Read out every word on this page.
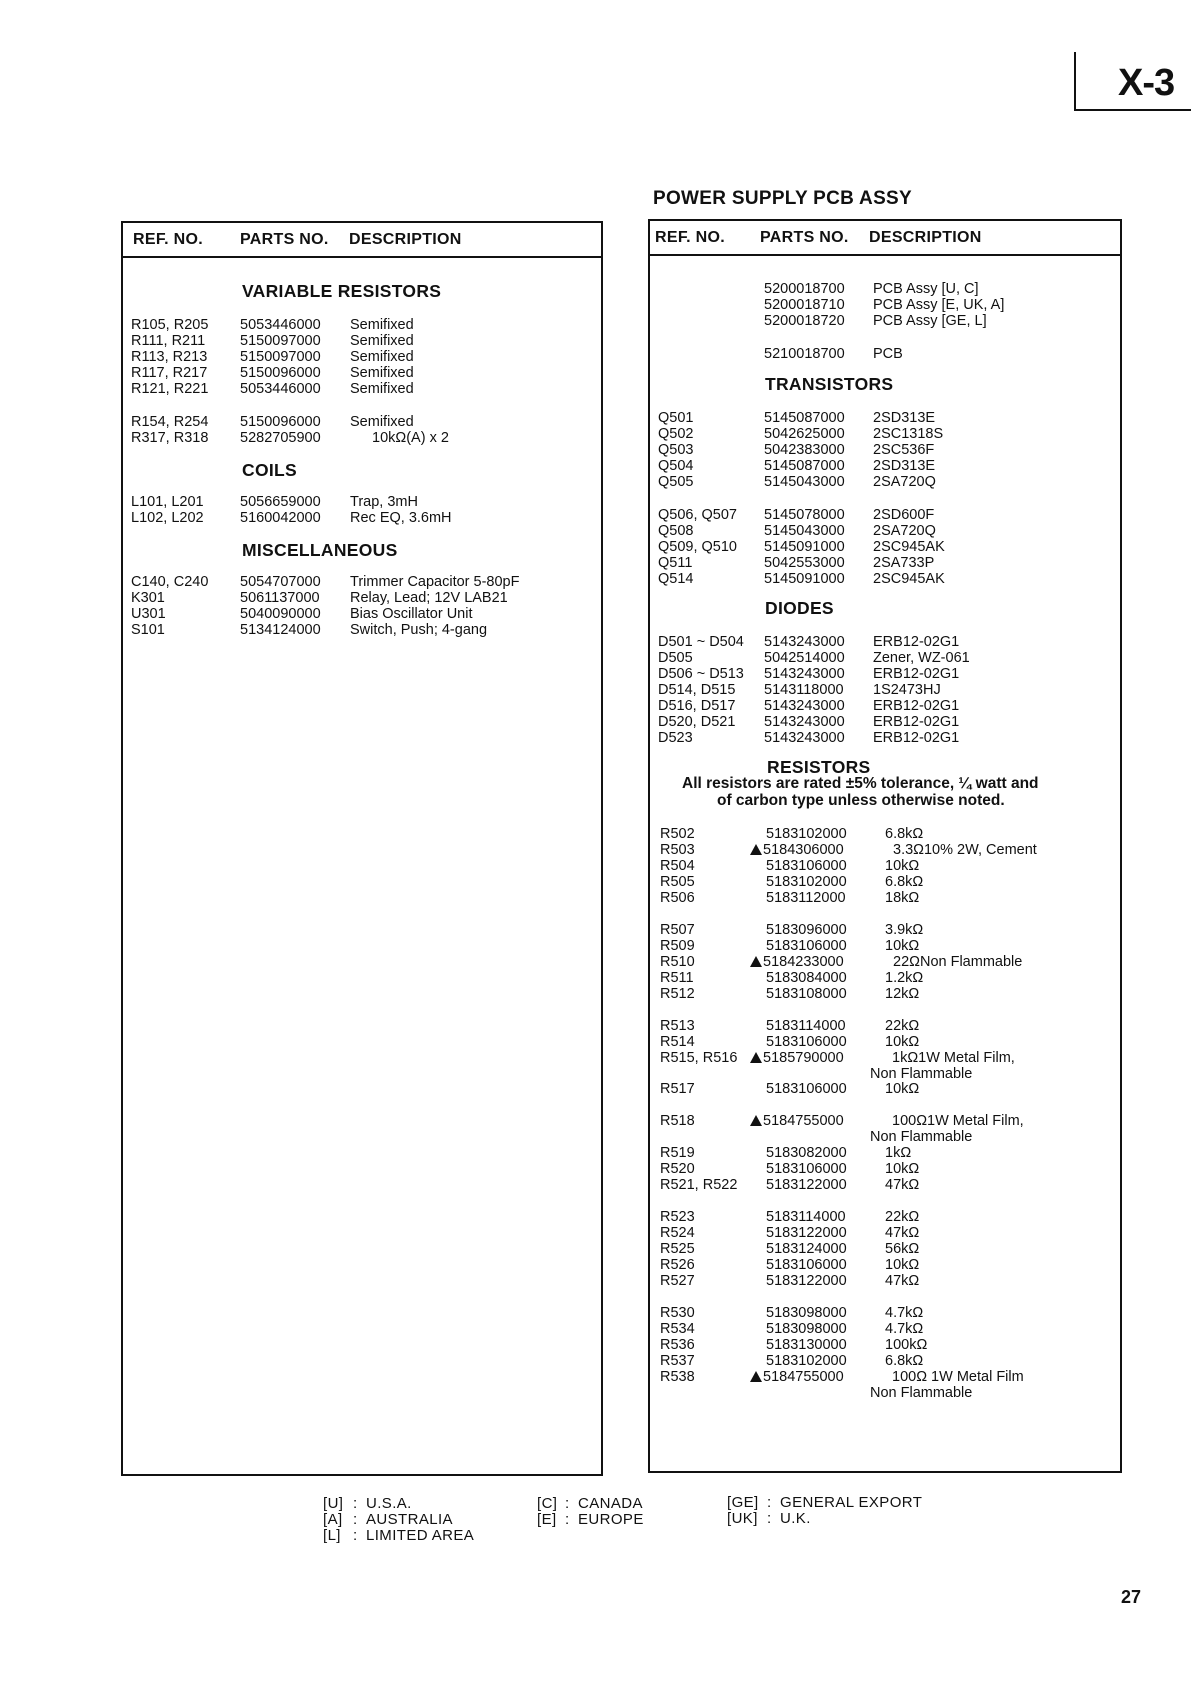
X-3
POWER SUPPLY PCB ASSY
REF. NO. PARTS NO. DESCRIPTION
VARIABLE RESISTORS
R105, R205 5053446000 Semifixed
R111, R211 5150097000 Semifixed
R113, R213 5150097000 Semifixed
R117, R217 5150096000 Semifixed
R121, R221 5053446000 Semifixed
R154, R254 5150096000 Semifixed
R317, R318 5282705900	10kΩ(A) x 2
COILS
L101, L201	5056659000 Trap, 3mH
L102, L202	5160042000 Rec EQ, 3.6mH
MISCELLANEOUS
C140, C240 5054707000 Trimmer Capacitor 5-80pF
K301	5061137000 Relay, Lead; 12V LAB21
U301	5040090000 Bias Oscillator Unit
S101	5134124000 Switch, Push; 4-gang
REF. NO. PARTS NO. DESCRIPTION
5200018700 PCB Assy [U, C]
5200018710 PCB Assy [E, UK, A]
5200018720 PCB Assy [GE, L]
5210018700 PCB
TRANSISTORS
Q501	5145087000 2SD313E
Q502	5042625000 2SC1318S
Q503	5042383000 2SC536F
Q504	5145087000 2SD313E
Q505	5145043000 2SA720Q
Q506, Q507 5145078000 2SD600F
Q508	5145043000 2SA720Q
Q509, Q510 5145091000 2SC945AK
Q511	5042553000 2SA733P
Q514	5145091000 2SC945AK
DIODES
D501 ~ D504 5143243000 ERB12-02G1
D505	5042514000 Zener, WZ-061
D506 ~ D513 5143243000 ERB12-02G1
D514, D515 5143118000 1S2473HJ
D516, D517 5143243000 ERB12-02G1
D520, D521 5143243000 ERB12-02G1
D523	5143243000 ERB12-02G1
RESISTORS
All resistors are rated ±5% tolerance, ¼ watt and
of carbon type unless otherwise noted.
R502	5183102000	6.8kΩ
R503	5184306000	3.3Ω10% 2W, Cement
R504	5183106000	10kΩ
R505	5183102000	6.8kΩ
R506	5183112000	18kΩ
R507	5183096000	3.9kΩ
R509	5183106000	10kΩ
R510	5184233000	22ΩNon Flammable
R511	5183084000	1.2kΩ
R512	5183108000	12kΩ
R513	5183114000	22kΩ
R514	5183106000	10kΩ
R515, R516	5185790000	1kΩ1W Metal Film,
Non Flammable
R517	5183106000	10kΩ
R518	5184755000	100Ω1W Metal Film,
Non Flammable
R519	5183082000	1kΩ
R520	5183106000	10kΩ
R521, R522 5183122000	47kΩ
R523	5183114000	22kΩ
R524	5183122000	47kΩ
R525	5183124000	56kΩ
R526	5183106000	10kΩ
R527	5183122000	47kΩ
R530	5183098000	4.7kΩ
R534	5183098000	4.7kΩ
R536	5183130000	100kΩ
R537	5183102000	6.8kΩ
R538	5184755000	100Ω 1W Metal Film
Non Flammable
[U] : U.S.A.
[A] : AUSTRALIA
[L] : LIMITED AREA
[C] : CANADA
[E] : EUROPE
[GE] : GENERAL EXPORT
[UK] : U.K.
27
